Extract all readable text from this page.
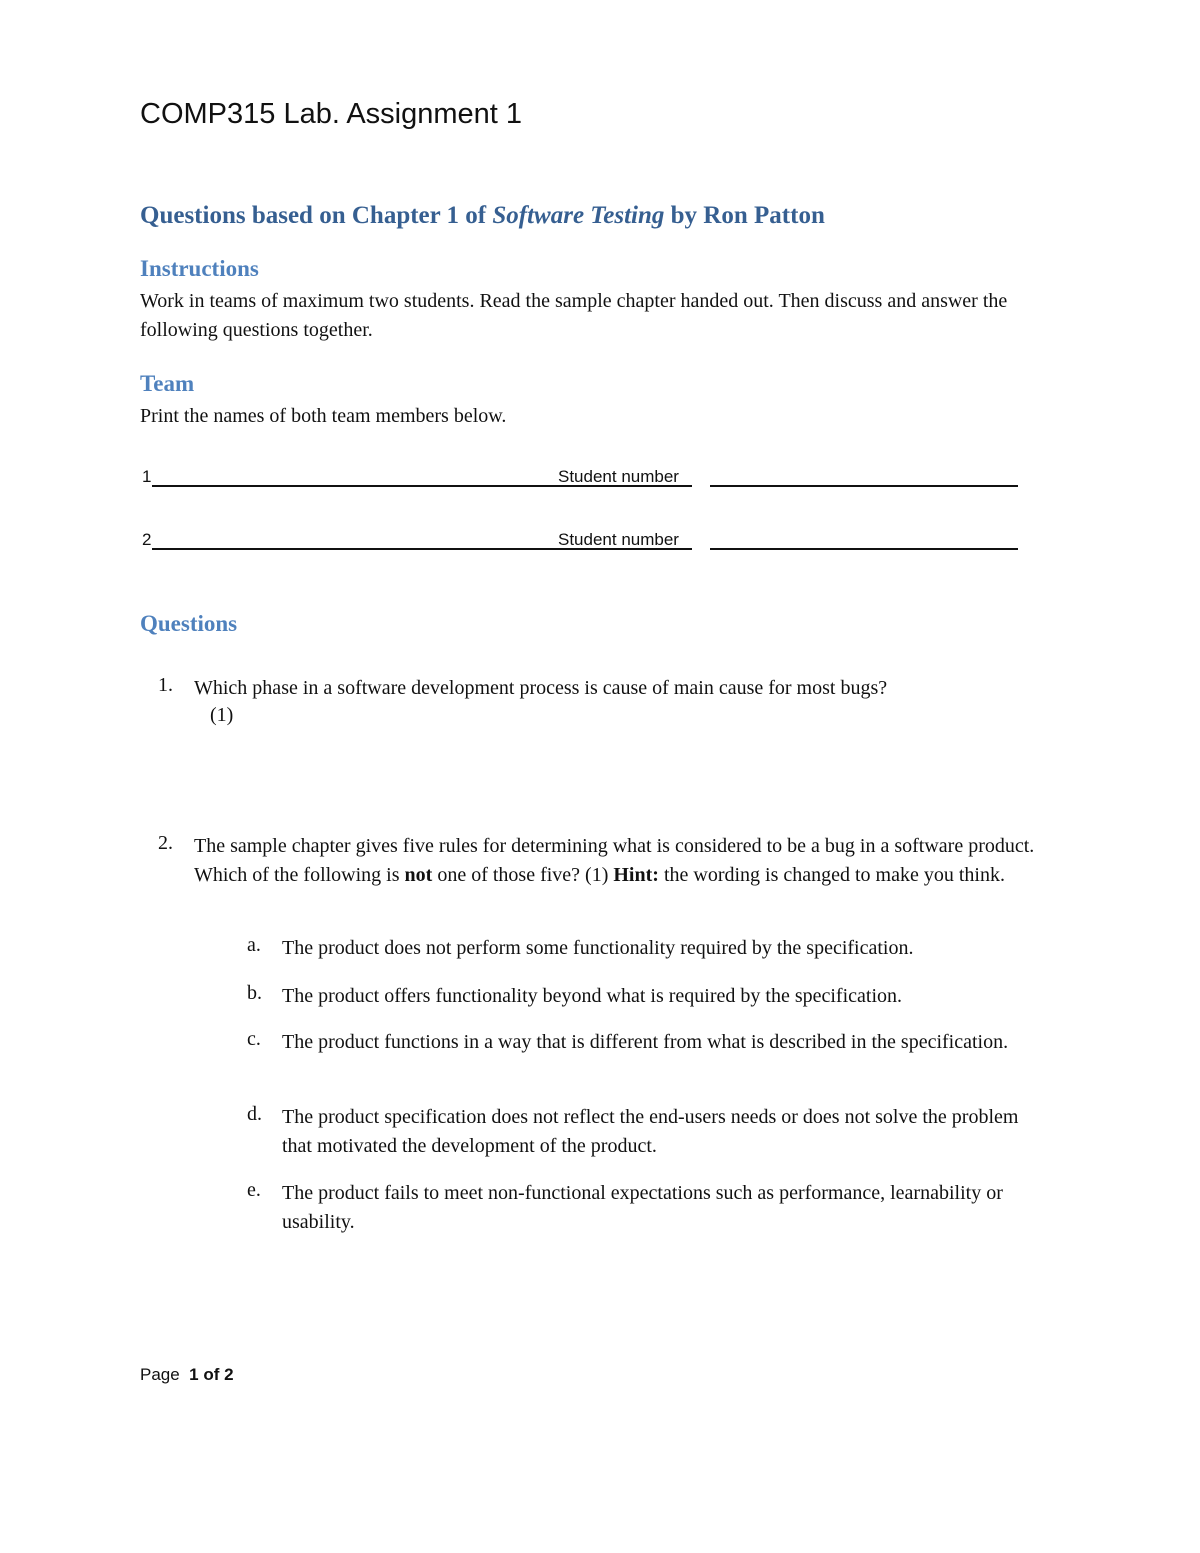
COMP315 Lab. Assignment 1
Questions based on Chapter 1 of Software Testing by Ron Patton
Instructions
Work in teams of maximum two students. Read the sample chapter handed out. Then discuss and answer the following questions together.
Team
Print the names of both team members below.
1	Student number
2	Student number
Questions
1. Which phase in a software development process is cause of main cause for most bugs?
(1)
2. The sample chapter gives five rules for determining what is considered to be a bug in a software product. Which of the following is not one of those five? (1) Hint: the wording is changed to make you think.
a. The product does not perform some functionality required by the specification.
b. The product offers functionality beyond what is required by the specification.
c. The product functions in a way that is different from what is described in the specification.
d. The product specification does not reflect the end-users needs or does not solve the problem that motivated the development of the product.
e. The product fails to meet non-functional expectations such as performance, learnability or usability.
Page 1 of 2
